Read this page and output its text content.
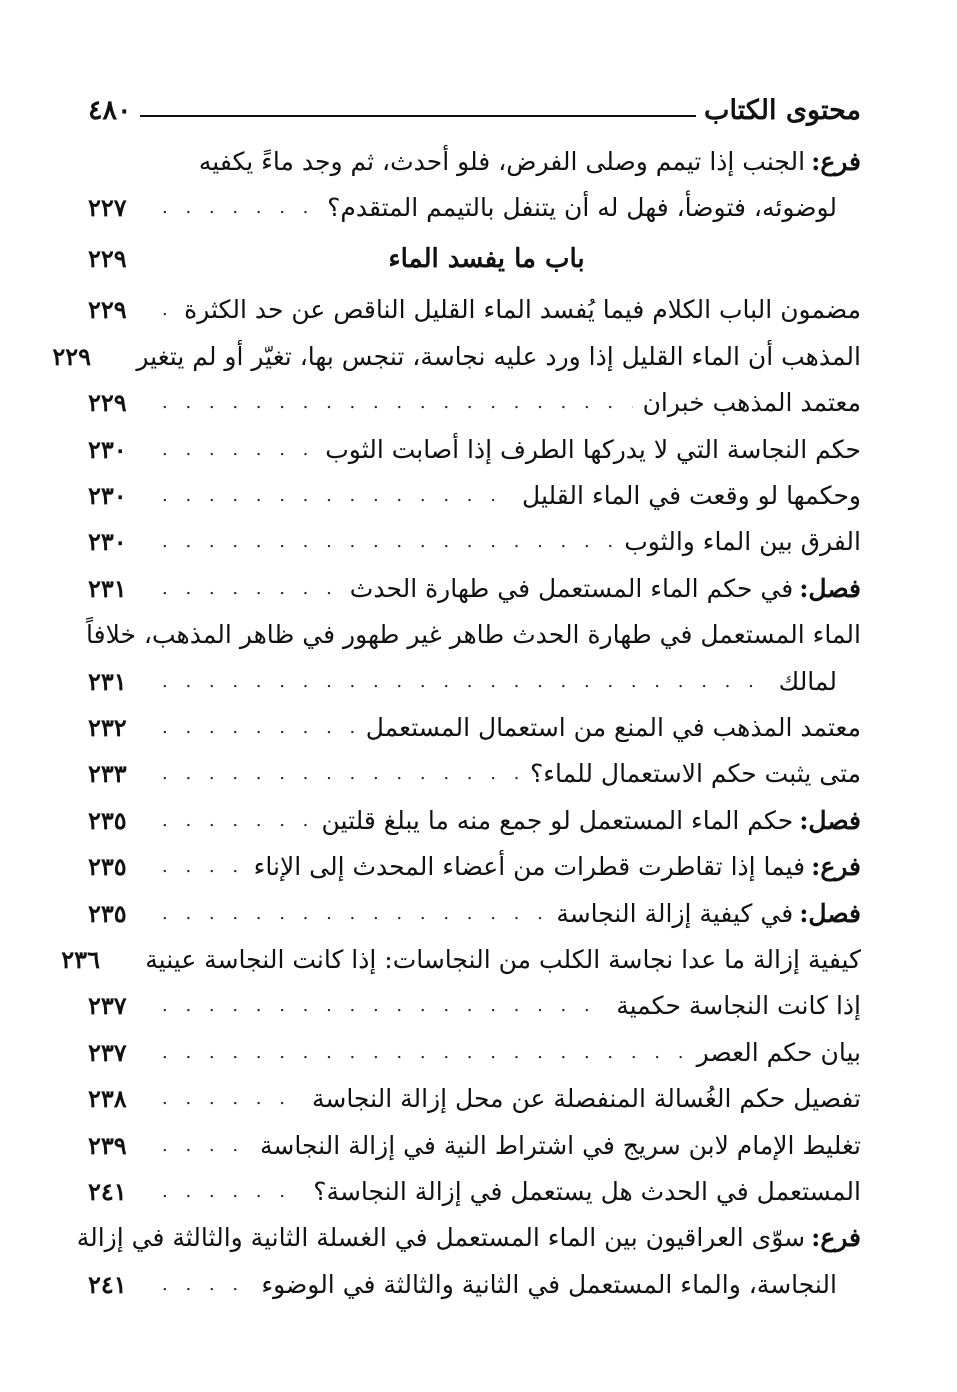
محتوى الكتاب
٤٨٠
فرع:الجنب إذا تيمم وصلى الفرض، فلو أحدث، ثم وجد ماءً يكفيه
لوضوئه، فتوضأ، فهل له أن يتنفل بالتيمم المتقدم؟
. . .
٢٢٧
باب ما يفسد الماء
٢٢٩
مضمون الباب الكلام فيما يُفسد الماء القليل الناقص عن حد الكثرة
. . .
٢٢٩
المذهب أن الماء القليل إذا ورد عليه نجاسة، تنجس بها، تغيّر أو لم يتغير
٢٢٩
معتمد المذهب خبران
. . .
٢٢٩
حكم النجاسة التي لا يدركها الطرف إذا أصابت الثوب
. . .
٢٣٠
وحكمها لو وقعت في الماء القليل
. . .
٢٣٠
الفرق بين الماء والثوب
. . .
٢٣٠
فصل:في حكم الماء المستعمل في طهارة الحدث
. . .
٢٣١
الماء المستعمل في طهارة الحدث طاهر غير طهور في ظاهر المذهب، خلافاً
لمالك
. . .
٢٣١
معتمد المذهب في المنع من استعمال المستعمل
. . .
٢٣٢
متى يثبت حكم الاستعمال للماء؟
. . .
٢٣٣
فصل:حكم الماء المستعمل لو جمع منه ما يبلغ قلتين
. . .
٢٣٥
فرع:فيما إذا تقاطرت قطرات من أعضاء المحدث إلى الإناء
. . .
٢٣٥
فصل:في كيفية إزالة النجاسة
. . .
٢٣٥
كيفية إزالة ما عدا نجاسة الكلب من النجاسات: إذا كانت النجاسة عينية
٢٣٦
إذا كانت النجاسة حكمية
. . .
٢٣٧
بيان حكم العصر
. . .
٢٣٧
تفصيل حكم الغُسالة المنفصلة عن محل إزالة النجاسة
. . .
٢٣٨
تغليط الإمام لابن سريج في اشتراط النية في إزالة النجاسة
. . .
٢٣٩
المستعمل في الحدث هل يستعمل في إزالة النجاسة؟
. . .
٢٤١
فرع:سوّى العراقيون بين الماء المستعمل في الغسلة الثانية والثالثة في إزالة
النجاسة، والماء المستعمل في الثانية والثالثة في الوضوء
. . .
٢٤١
